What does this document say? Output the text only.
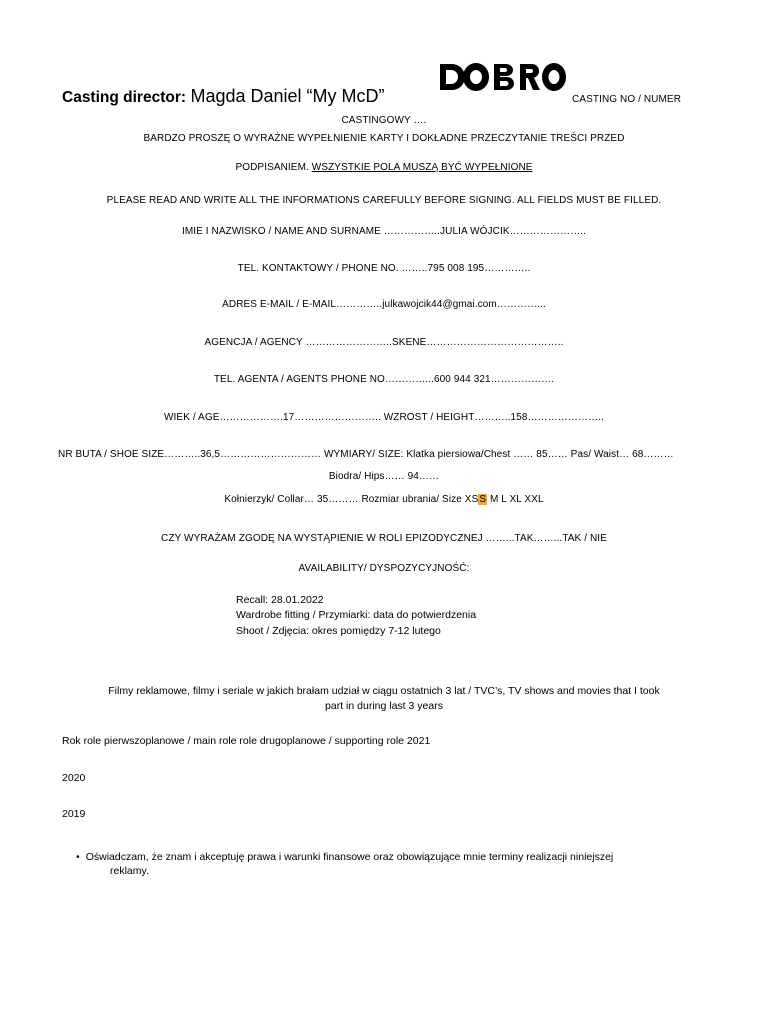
Casting director: Magda Daniel “My McD”	CASTING NO / NUMER
CASTINGOWY ….
BARDZO PROSZĘ O WYRAŻNE WYPEŁNIENIE KARTY I DOKŁADNE PRZECZYTANIE TREŚCI PRZED
PODPISANIEM. WSZYSTKIE POLA MUSZĄ BYĆ WYPEŁNIONE
PLEASE READ AND WRITE ALL THE INFORMATIONS CAREFULLY BEFORE SIGNING. ALL FIELDS MUST BE FILLED.
IMIE I NAZWISKO / NAME AND SURNAME ……………..JULIA WÓJCIK…………………..
TEL. KONTAKTOWY / PHONE NO. ……..795 008 195…………..
ADRES E-MAIL / E-MAIL…………..julkawojcik44@gmai.com…………...
AGENCJA / AGENCY ……………………..SKENE…………………………………..
TEL. AGENTA / AGENTS PHONE NO…………...600 944 321……………….
WIEK / AGE……………….17…………………….. WZROST / HEIGHT………..158…………………..
NR BUTA / SHOE SIZE………..36,5………………………… WYMIARY/ SIZE: Klatka piersiowa/Chest …… 85…… Pas/ Waist… 68………
Biodra/ Hips…… 94……
Kołnierzyk/ Collar… 35……… Rozmiar ubrania/ Size XSS M L XL XXL
CZY WYRAŻAM ZGODĘ NA WYSTĄPIENIE W ROLI EPIZODYCZNEJ ……...TAK……...TAK / NIE
AVAILABILITY/ DYSPOZYCYJNOŚĆ:
Recall: 28.01.2022
Wardrobe fitting / Przymiarki: data do potwierdzenia
Shoot / Zdjęcia: okres pomiędzy 7-12 lutego
Filmy reklamowe, filmy i seriale w jakich brałam udział w ciągu ostatnich 3 lat / TVC’s, TV shows and movies that I took
part in during last 3 years
Rok role pierwszoplanowe / main role role drugoplanowe / supporting role 2021
2020
2019
• Oświadczam, że znam i akceptuję prawa i warunki finansowe oraz obowiązujące mnie terminy realizacji niniejszej
reklamy.
